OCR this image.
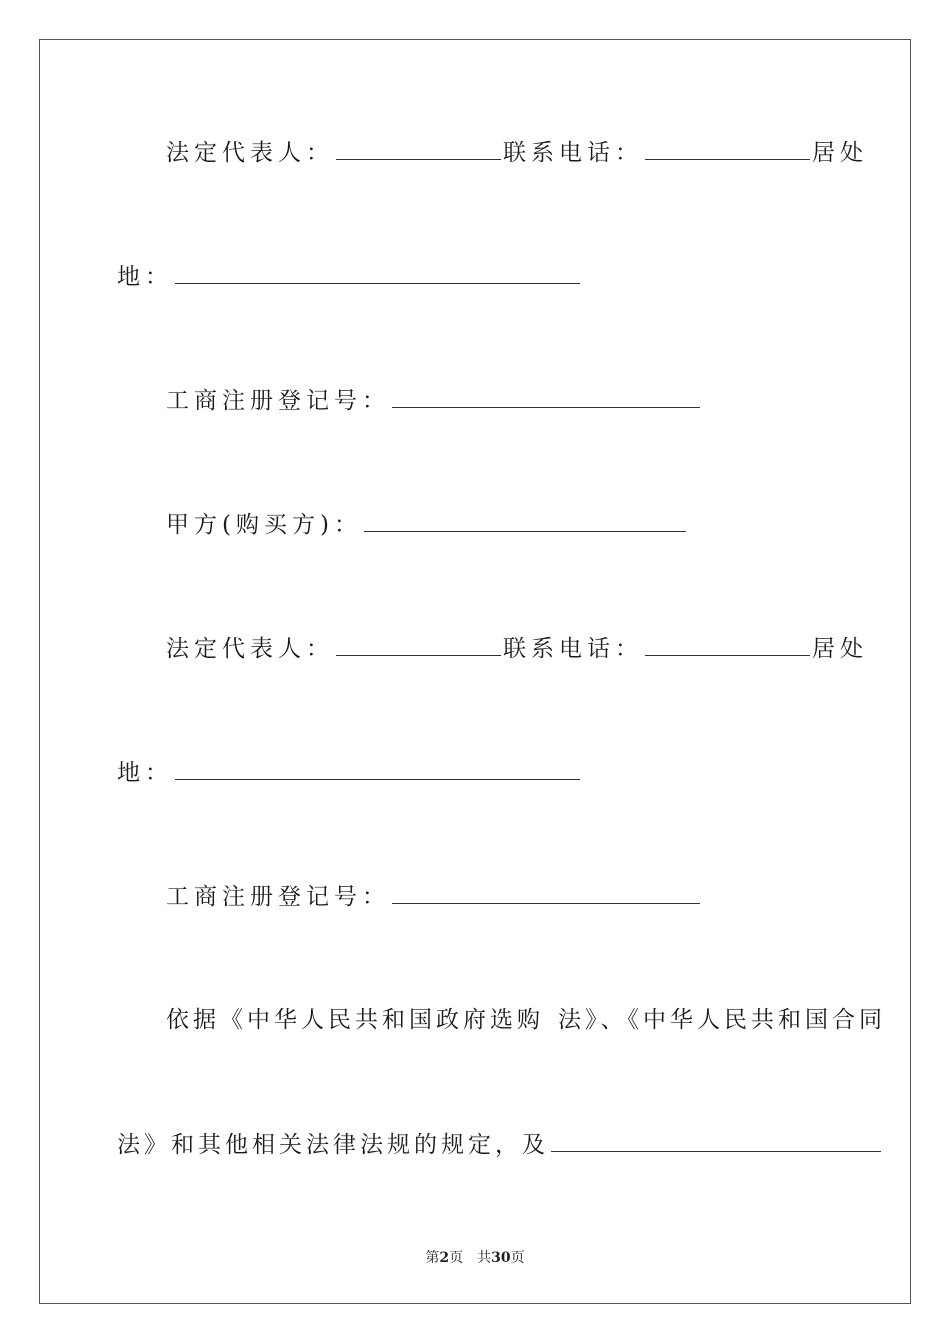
法定代表人：	联系电话：	居处
地：
工商注册登记号：
甲方(购买方)：
法定代表人：	联系电话：	居处
地：
工商注册登记号：
依据《中华人民共和国政府选购 法》、《中华人民共和国合同
法》和其他相关法律法规的规定，及
第2页 共30页
